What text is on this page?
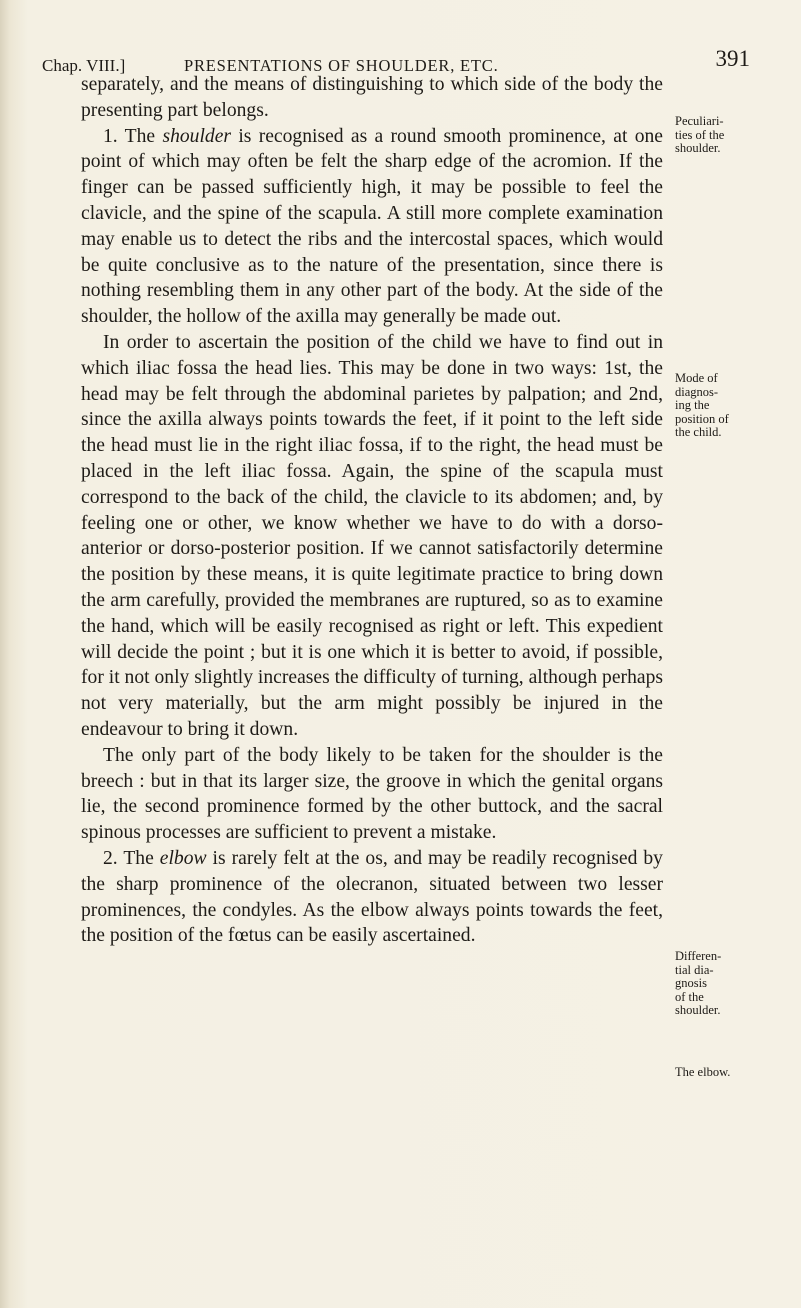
Chap. VIII.]	PRESENTATIONS OF SHOULDER, ETC.	391

separately, and the means of distinguishing to which side of the body the presenting part belongs.

1. The shoulder is recognised as a round smooth prominence, at one point of which may often be felt the sharp edge of the acromion. If the finger can be passed sufficiently high, it may be possible to feel the clavicle, and the spine of the scapula. A still more complete examination may enable us to detect the ribs and the intercostal spaces, which would be quite conclusive as to the nature of the presentation, since there is nothing resembling them in any other part of the body. At the side of the shoulder, the hollow of the axilla may generally be made out.

In order to ascertain the position of the child we have to find out in which iliac fossa the head lies. This may be done in two ways: 1st, the head may be felt through the abdominal parietes by palpation; and 2nd, since the axilla always points towards the feet, if it point to the left side the head must lie in the right iliac fossa, if to the right, the head must be placed in the left iliac fossa. Again, the spine of the scapula must correspond to the back of the child, the clavicle to its abdomen; and, by feeling one or other, we know whether we have to do with a dorso-anterior or dorso-posterior position. If we cannot satisfactorily determine the position by these means, it is quite legitimate practice to bring down the arm carefully, provided the membranes are ruptured, so as to examine the hand, which will be easily recognised as right or left. This expedient will decide the point ; but it is one which it is better to avoid, if possible, for it not only slightly increases the difficulty of turning, although perhaps not very materially, but the arm might possibly be injured in the endeavour to bring it down.

The only part of the body likely to be taken for the shoulder is the breech : but in that its larger size, the groove in which the genital organs lie, the second prominence formed by the other buttock, and the sacral spinous processes are sufficient to prevent a mistake.

2. The elbow is rarely felt at the os, and may be readily recognised by the sharp prominence of the olecranon, situated between two lesser prominences, the condyles. As the elbow always points towards the feet, the position of the fœtus can be easily ascertained.

Peculiari-
ties of the
shoulder.
Mode of
diagnos-
ing the
position of
the child.
Differen-
tial dia-
gnosis
of the
shoulder.
The elbow.
